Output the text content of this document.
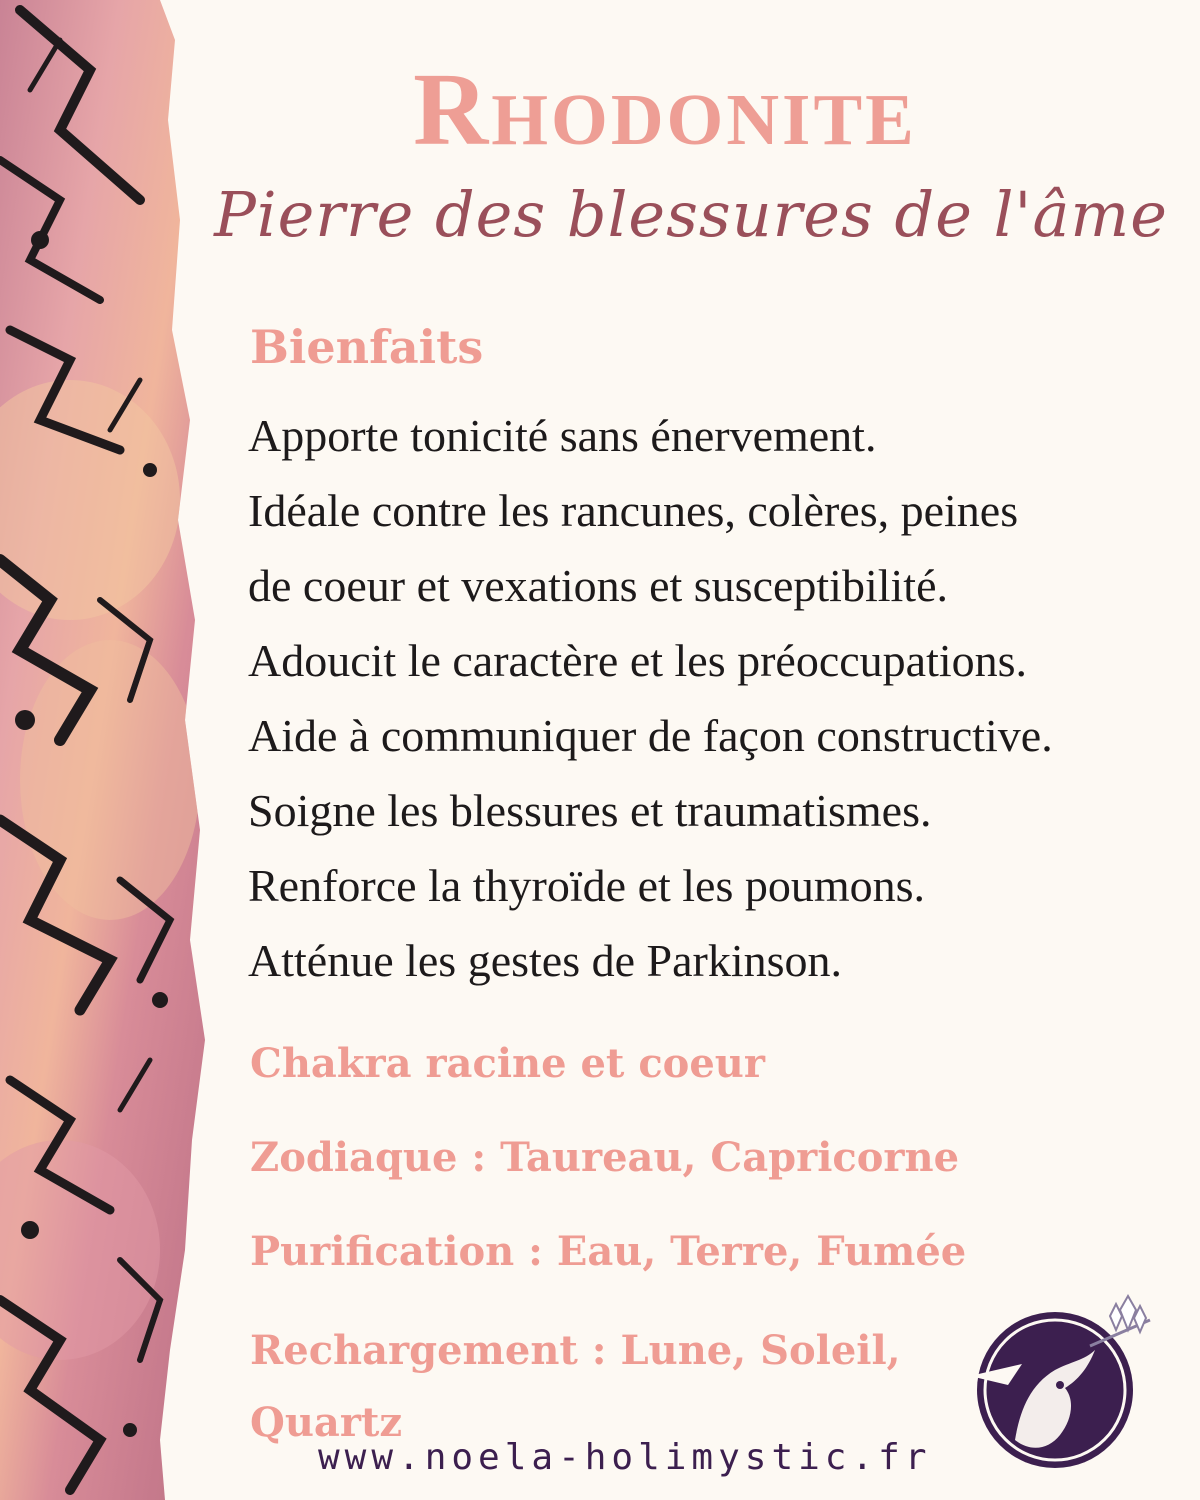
Rhodonite
Pierre des blessures de l'âme
Bienfaits
Apporte tonicité sans énervement.
Idéale contre les rancunes, colères, peines
de coeur et vexations et susceptibilité.
Adoucit le caractère et les préoccupations.
Aide à communiquer de façon constructive.
Soigne les blessures et traumatismes.
Renforce la thyroïde et les poumons.
Atténue les gestes de Parkinson.
Chakra racine et coeur
Zodiaque : Taureau, Capricorne
Purification : Eau, Terre, Fumée
Rechargement : Lune, Soleil, Quartz
www.noela-holimystic.fr
